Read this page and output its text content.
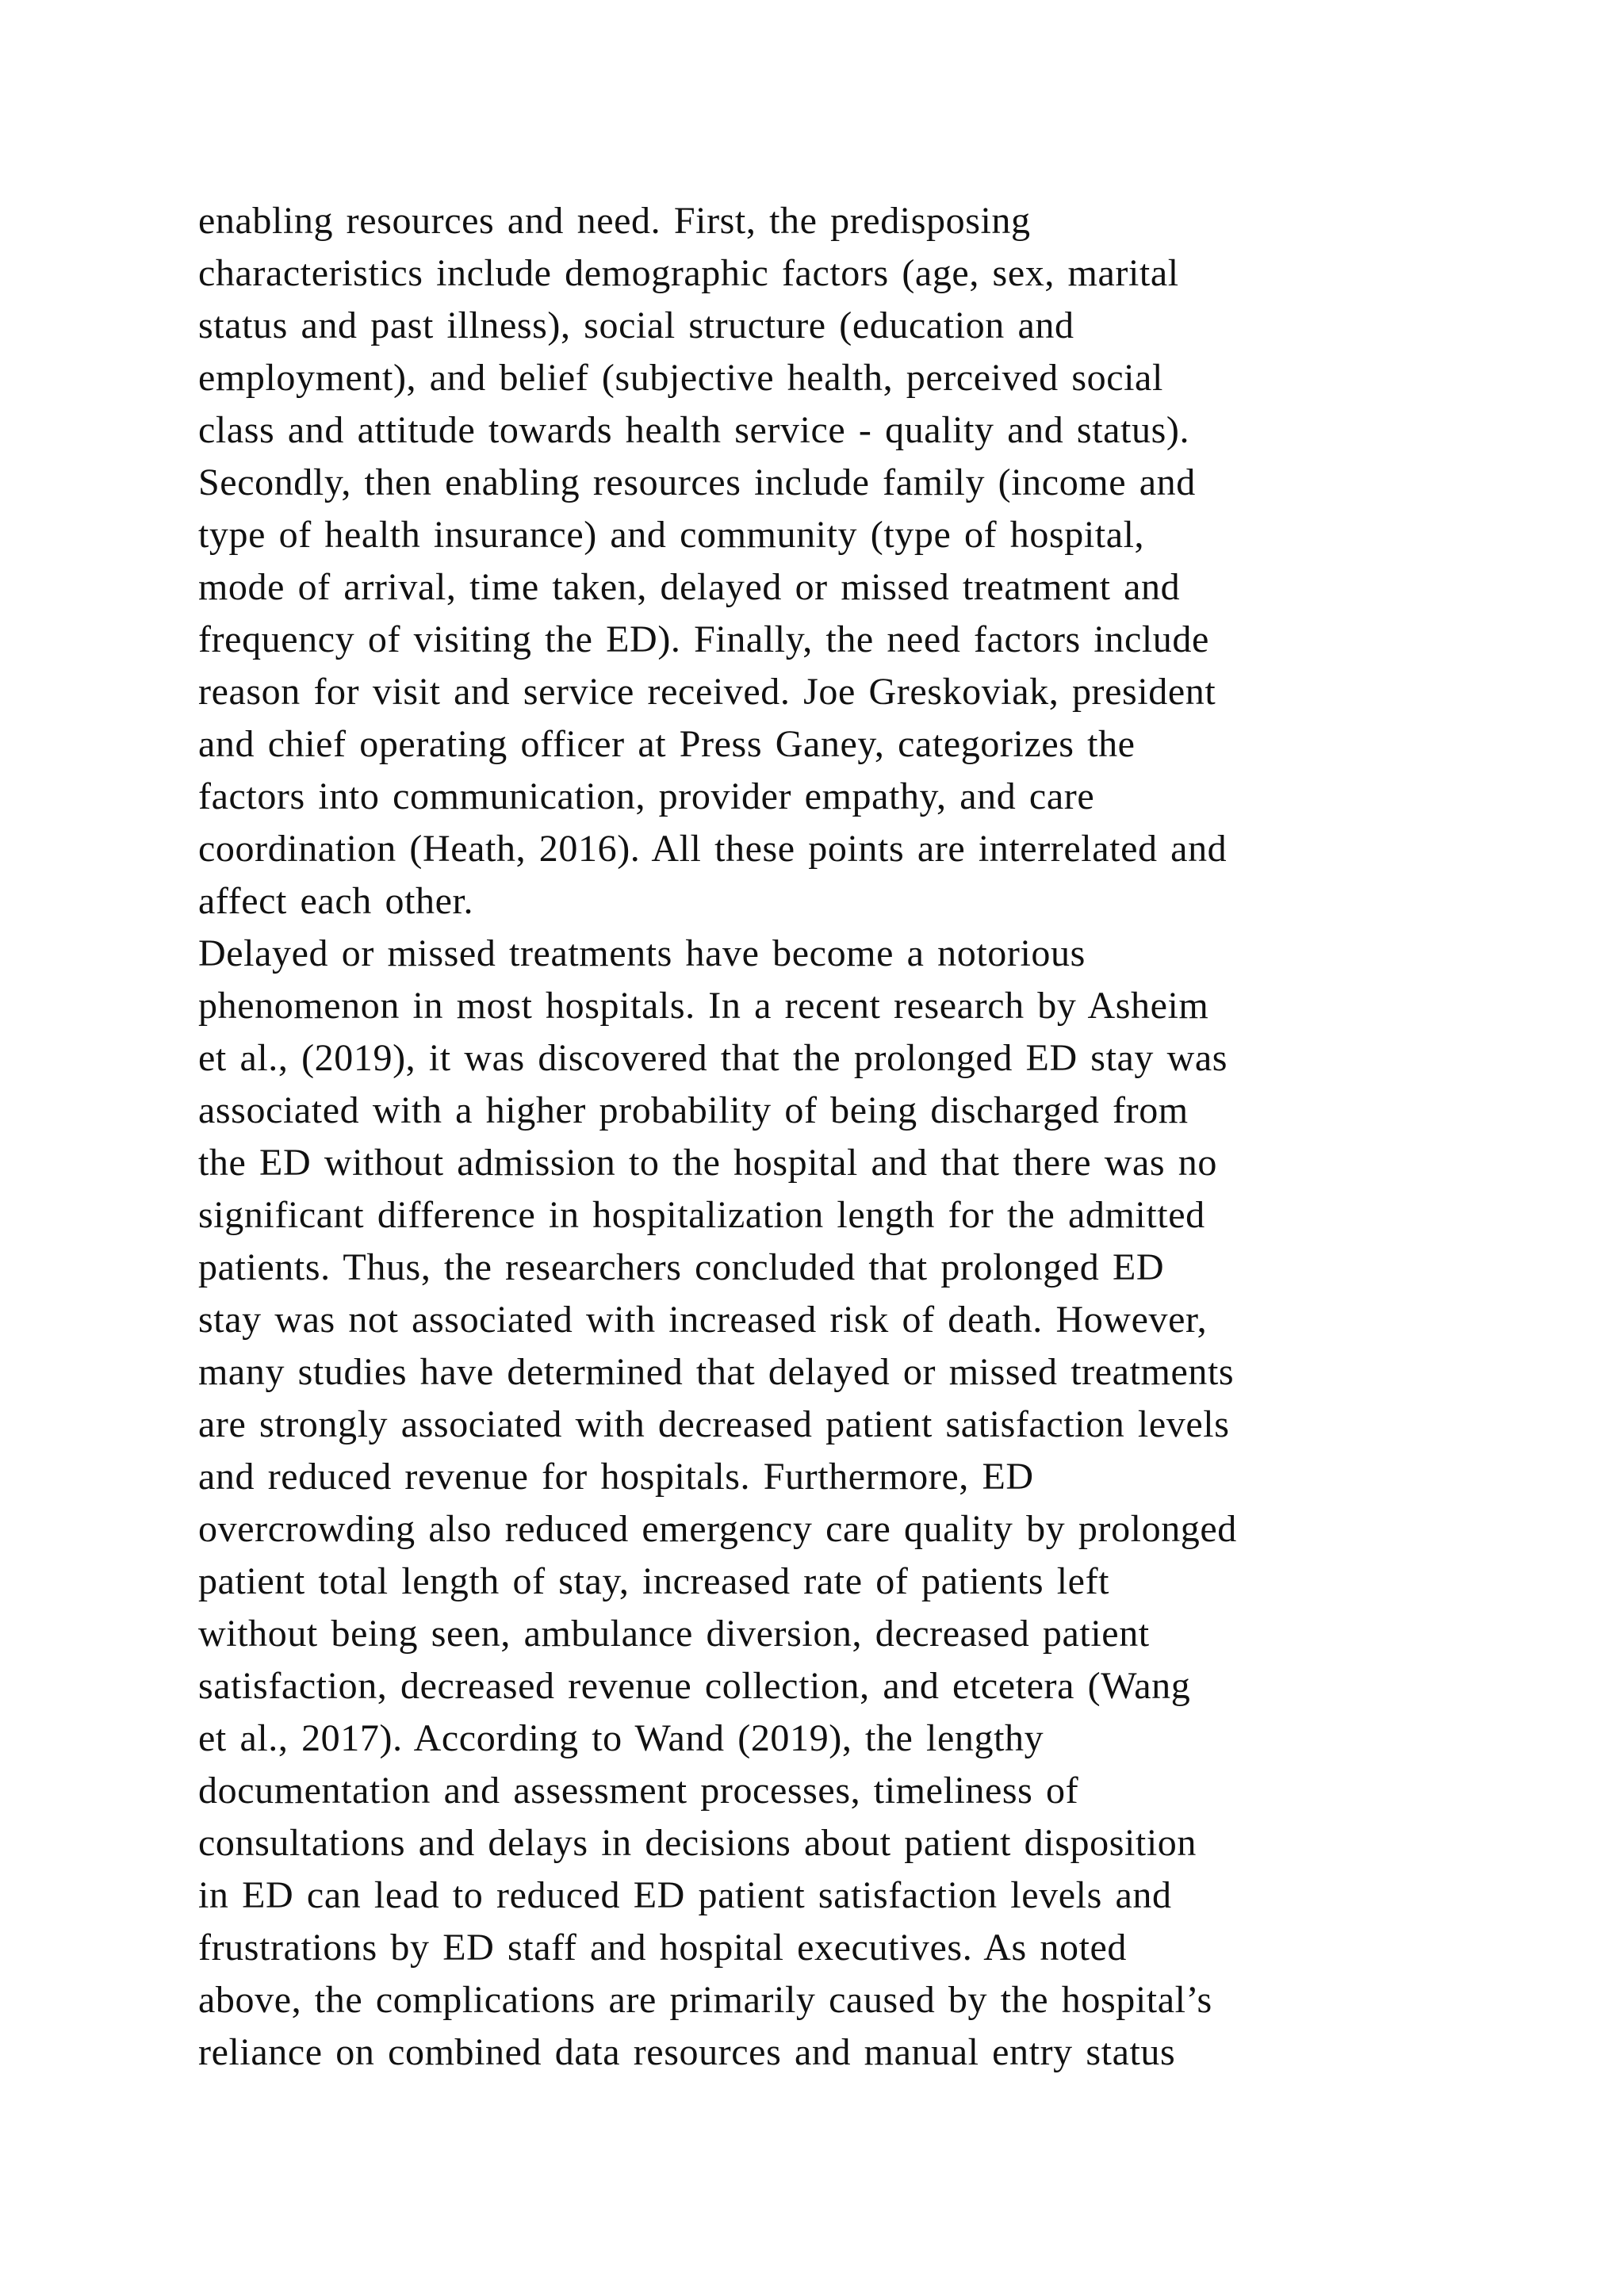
enabling resources and need. First, the predisposing
characteristics include demographic factors (age, sex, marital
status and past illness), social structure (education and
employment), and belief (subjective health, perceived social
class and attitude towards health service - quality and status).
Secondly, then enabling resources include family (income and
type of health insurance) and community (type of hospital,
mode of arrival, time taken, delayed or missed treatment and
frequency of visiting the ED). Finally, the need factors include
reason for visit and service received. Joe Greskoviak, president
and chief operating officer at Press Ganey, categorizes the
factors into communication, provider empathy, and care
coordination (Heath, 2016). All these points are interrelated and
affect each other.
Delayed or missed treatments have become a notorious
phenomenon in most hospitals. In a recent research by Asheim
et al., (2019), it was discovered that the prolonged ED stay was
associated with a higher probability of being discharged from
the ED without admission to the hospital and that there was no
significant difference in hospitalization length for the admitted
patients. Thus, the researchers concluded that prolonged ED
stay was not associated with increased risk of death. However,
many studies have determined that delayed or missed treatments
are strongly associated with decreased patient satisfaction levels
and reduced revenue for hospitals. Furthermore, ED
overcrowding also reduced emergency care quality by prolonged
patient total length of stay, increased rate of patients left
without being seen, ambulance diversion, decreased patient
satisfaction, decreased revenue collection, and etcetera (Wang
et al., 2017). According to Wand (2019), the lengthy
documentation and assessment processes, timeliness of
consultations and delays in decisions about patient disposition
in ED can lead to reduced ED patient satisfaction levels and
frustrations by ED staff and hospital executives. As noted
above, the complications are primarily caused by the hospital’s
reliance on combined data resources and manual entry status
